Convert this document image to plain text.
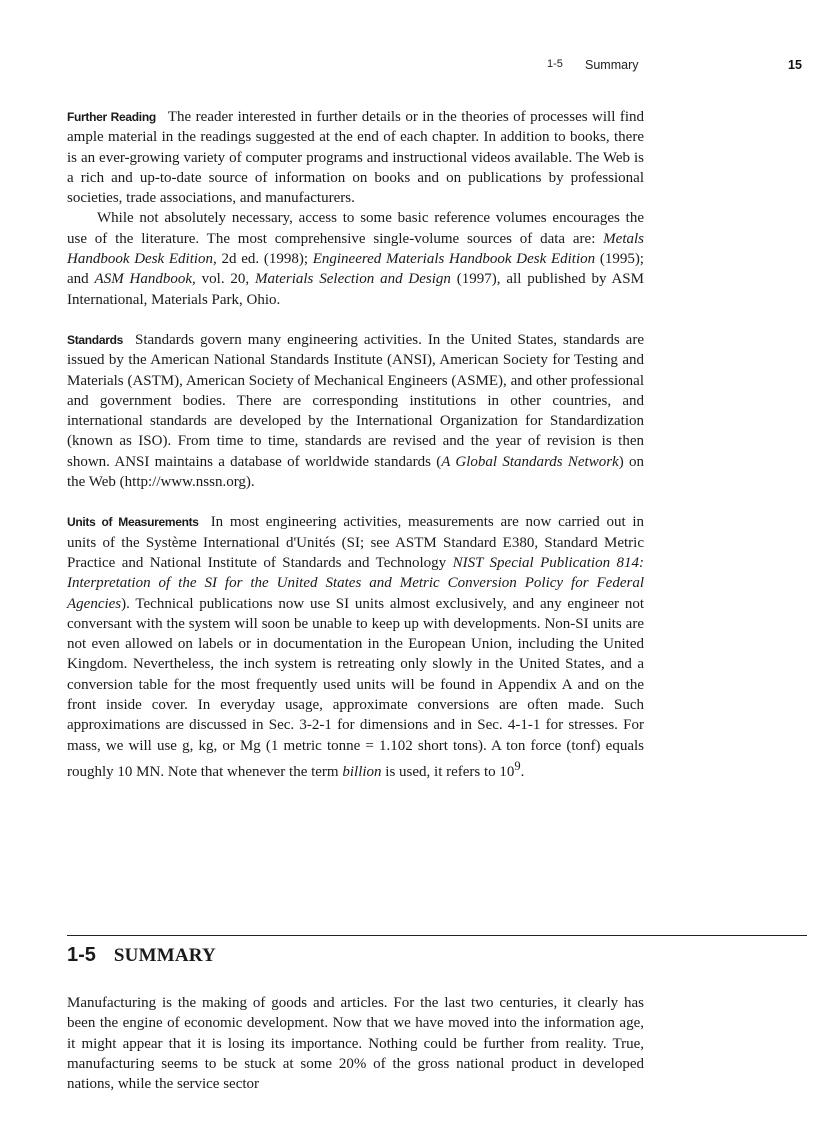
1-5 Summary	15

Further Reading The reader interested in further details or in the theories of processes will find ample material in the readings suggested at the end of each chapter. In addition to books, there is an ever-growing variety of computer programs and instructional videos available. The Web is a rich and up-to-date source of information on books and on publications by professional societies, trade associations, and manufacturers.

While not absolutely necessary, access to some basic reference volumes encourages the use of the literature. The most comprehensive single-volume sources of data are: Metals Handbook Desk Edition, 2d ed. (1998); Engineered Materials Handbook Desk Edition (1995); and ASM Handbook, vol. 20, Materials Selection and Design (1997), all published by ASM International, Materials Park, Ohio.

Standards Standards govern many engineering activities. In the United States, standards are issued by the American National Standards Institute (ANSI), American Society for Testing and Materials (ASTM), American Society of Mechanical Engineers (ASME), and other professional and government bodies. There are corresponding institutions in other countries, and international standards are developed by the International Organization for Standardization (known as ISO). From time to time, standards are revised and the year of revision is then shown. ANSI maintains a database of worldwide standards (A Global Standards Network) on the Web (http://www.nssn.org).

Units of Measurements In most engineering activities, measurements are now carried out in units of the Système International d'Unités (SI; see ASTM Standard E380, Standard Metric Practice and National Institute of Standards and Technology NIST Special Publication 814: Interpretation of the SI for the United States and Metric Conversion Policy for Federal Agencies). Technical publications now use SI units almost exclusively, and any engineer not conversant with the system will soon be unable to keep up with developments. Non-SI units are not even allowed on labels or in documentation in the European Union, including the United Kingdom. Nevertheless, the inch system is retreating only slowly in the United States, and a conversion table for the most frequently used units will be found in Appendix A and on the front inside cover. In everyday usage, approximate conversions are often made. Such approximations are discussed in Sec. 3-2-1 for dimensions and in Sec. 4-1-1 for stresses. For mass, we will use g, kg, or Mg (1 metric tonne = 1.102 short tons). A ton force (tonf) equals roughly 10 MN. Note that whenever the term billion is used, it refers to $10^9$.

1-5 SUMMARY

Manufacturing is the making of goods and articles. For the last two centuries, it clearly has been the engine of economic development. Now that we have moved into the information age, it might appear that it is losing its importance. Nothing could be further from reality. True, manufacturing seems to be stuck at some 20% of the gross national product in developed nations, while the service sector
